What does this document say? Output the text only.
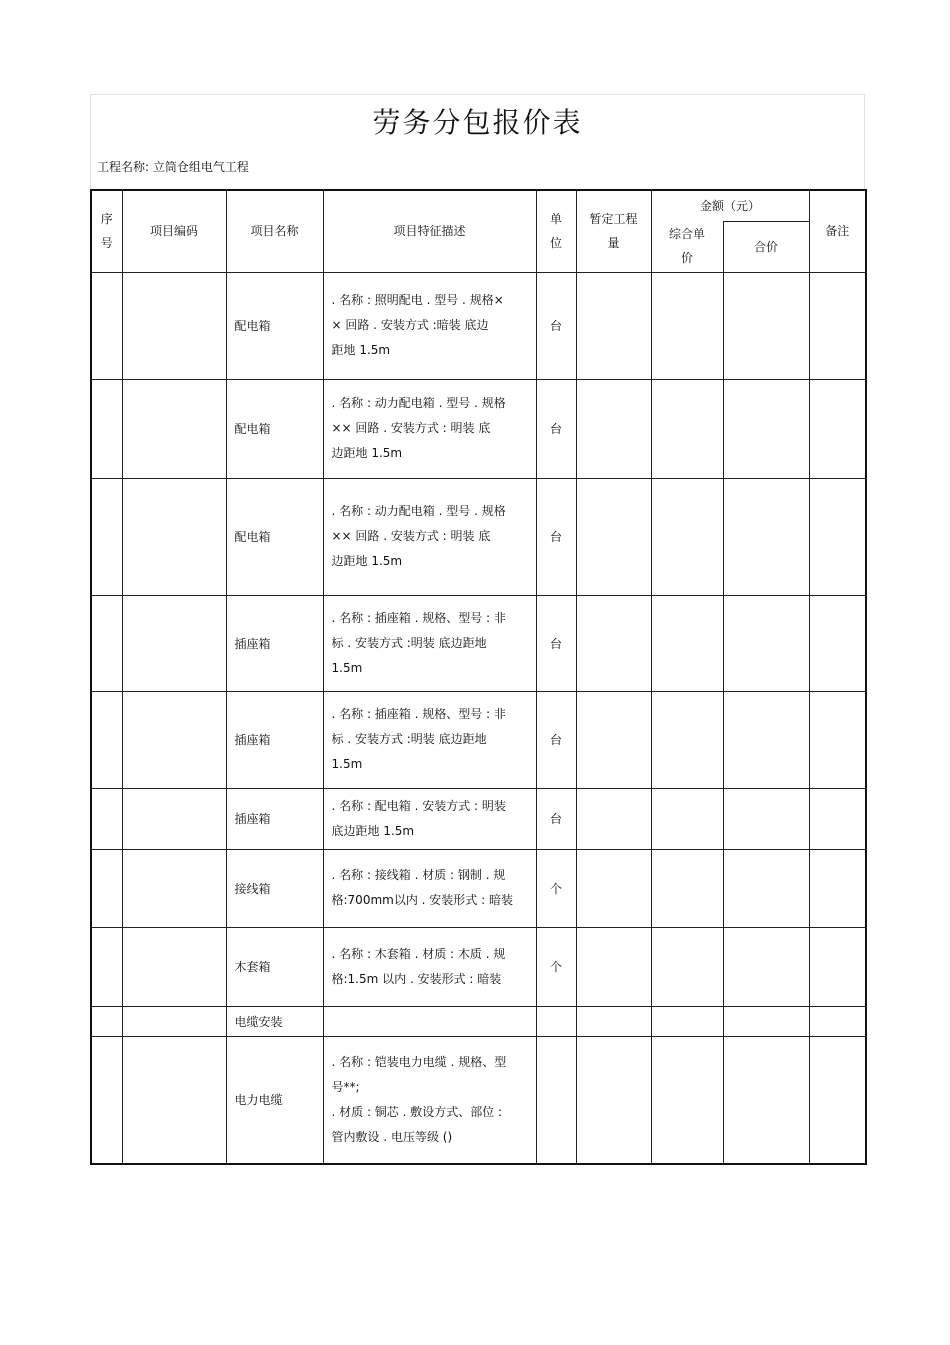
劳务分包报价表
工程名称: 立筒仓组电气工程
序
号	项目编码	项目名称	项目特征描述	单
位	暂定工程
量	金额（元）		备注
						综合单
价	合价	
		配电箱	. 名称 : 照明配电 . 型号 . 规格×
× 回路 . 安装方式 :暗装 底边
距地 1.5m	台				
		配电箱	. 名称 : 动力配电箱 . 型号 . 规格
×× 回路 . 安装方式 : 明装 底
边距地 1.5m	台				
		配电箱	. 名称 : 动力配电箱 . 型号 . 规格
×× 回路 . 安装方式 : 明装 底
边距地 1.5m	台				
		插座箱	. 名称 : 插座箱 . 规格、型号 : 非
标 . 安装方式 :明装 底边距地
1.5m	台				
		插座箱	. 名称 : 插座箱 . 规格、型号 : 非
标 . 安装方式 :明装 底边距地
1.5m	台				
		插座箱	. 名称 : 配电箱 . 安装方式 : 明装
底边距地 1.5m	台				
		接线箱	. 名称 : 接线箱 . 材质 : 钢制 . 规
格:700mm以内 . 安装形式 : 暗装	个				
		木套箱	. 名称 : 木套箱 . 材质 : 木质 . 规
格:1.5m 以内 . 安装形式 : 暗装	个				
		电缆安装						
		电力电缆	. 名称 : 铠装电力电缆 . 规格、型
号**;
. 材质 : 铜芯 . 敷设方式、部位 :
管内敷设 . 电压等级 ()					
